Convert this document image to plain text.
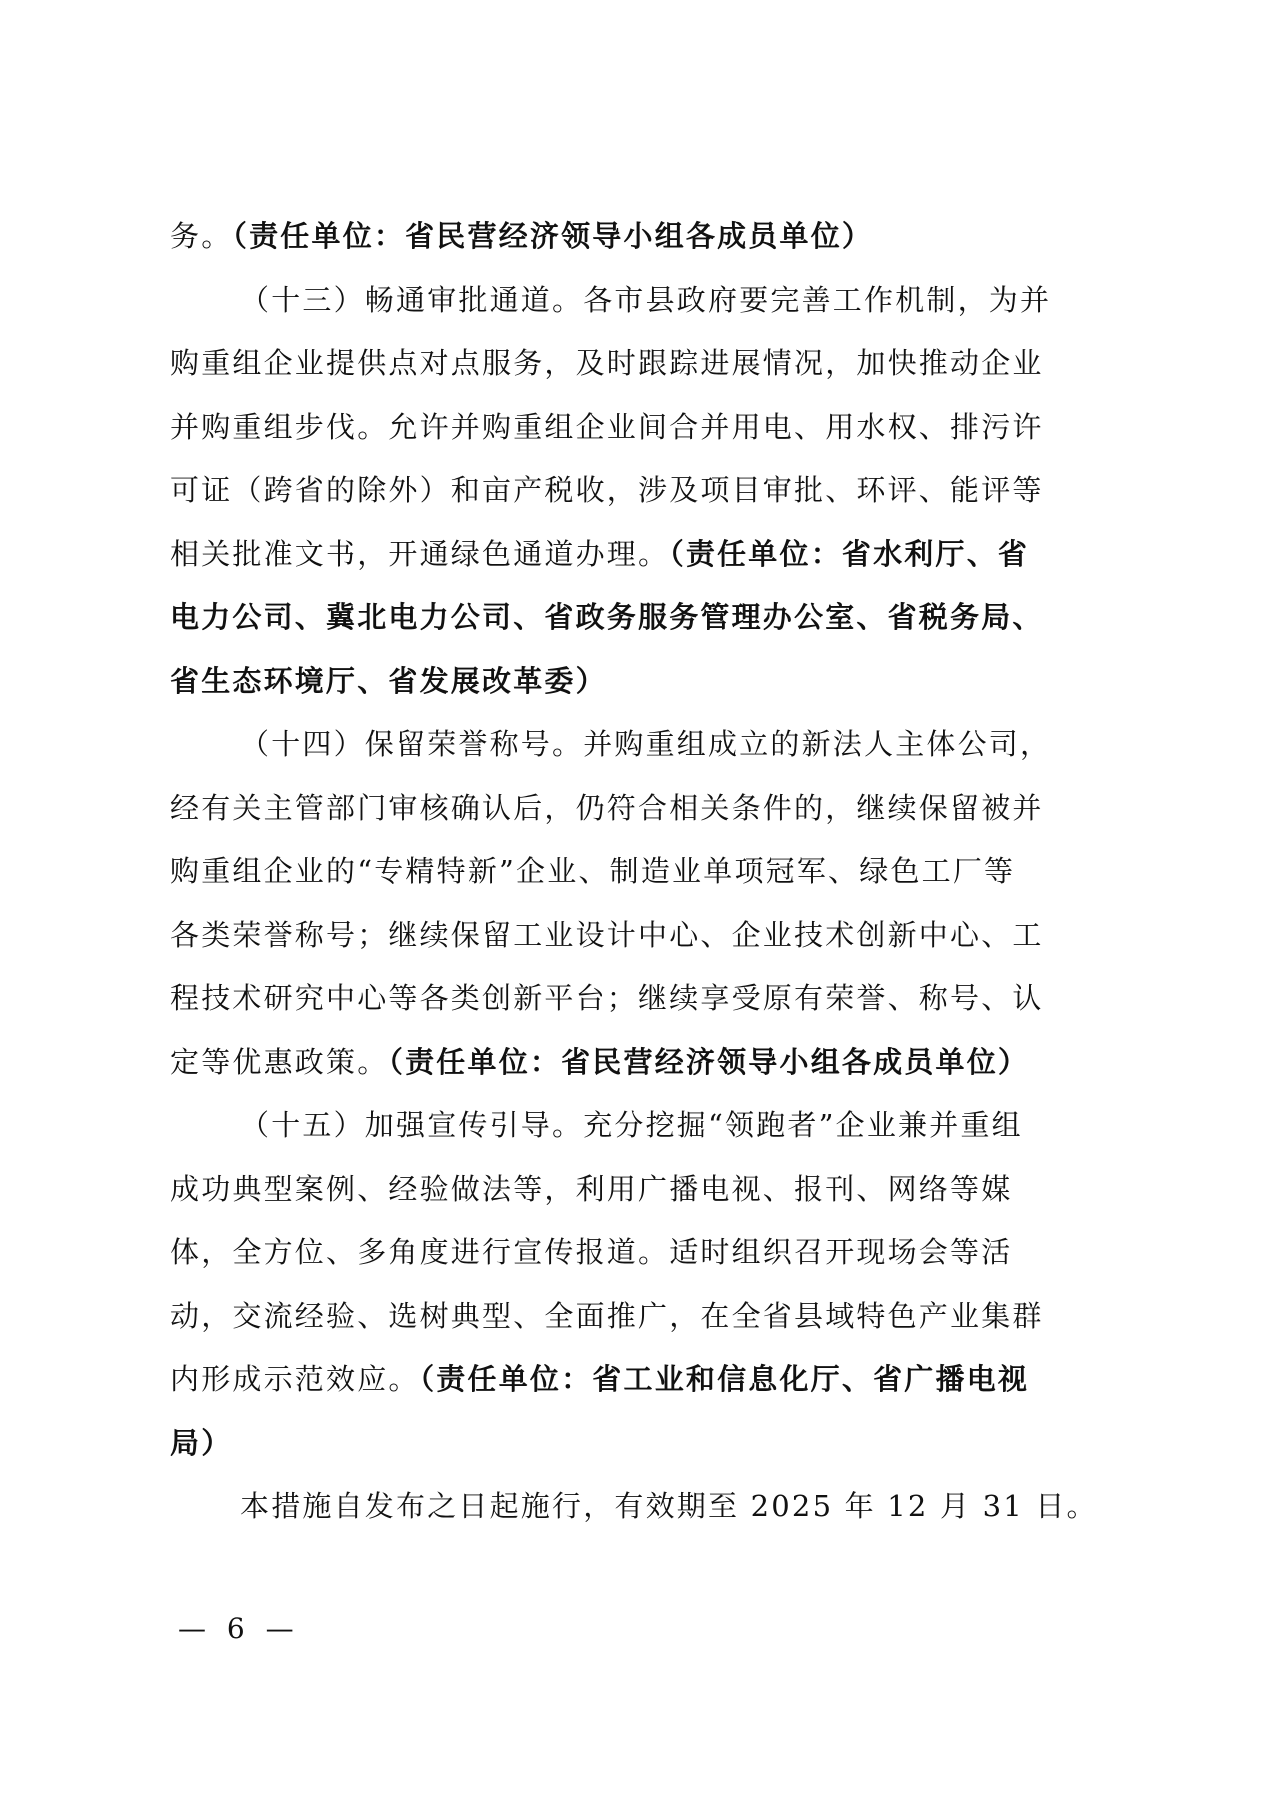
务。（责任单位：省民营经济领导小组各成员单位）
（十三）畅通审批通道。各市县政府要完善工作机制，为并
购重组企业提供点对点服务，及时跟踪进展情况，加快推动企业
并购重组步伐。允许并购重组企业间合并用电、用水权、排污许
可证（跨省的除外）和亩产税收，涉及项目审批、环评、能评等
相关批准文书，开通绿色通道办理。（责任单位：省水利厅、省
电力公司、冀北电力公司、省政务服务管理办公室、省税务局、
省生态环境厅、省发展改革委）
（十四）保留荣誉称号。并购重组成立的新法人主体公司，
经有关主管部门审核确认后，仍符合相关条件的，继续保留被并
购重组企业的“专精特新”企业、制造业单项冠军、绿色工厂等
各类荣誉称号；继续保留工业设计中心、企业技术创新中心、工
程技术研究中心等各类创新平台；继续享受原有荣誉、称号、认
定等优惠政策。（责任单位：省民营经济领导小组各成员单位）
（十五）加强宣传引导。充分挖掘“领跑者”企业兼并重组
成功典型案例、经验做法等，利用广播电视、报刊、网络等媒
体，全方位、多角度进行宣传报道。适时组织召开现场会等活
动，交流经验、选树典型、全面推广，在全省县域特色产业集群
内形成示范效应。（责任单位：省工业和信息化厅、省广播电视
局）
本措施自发布之日起施行，有效期至 2025 年 12 月 31 日。
— 6 —
